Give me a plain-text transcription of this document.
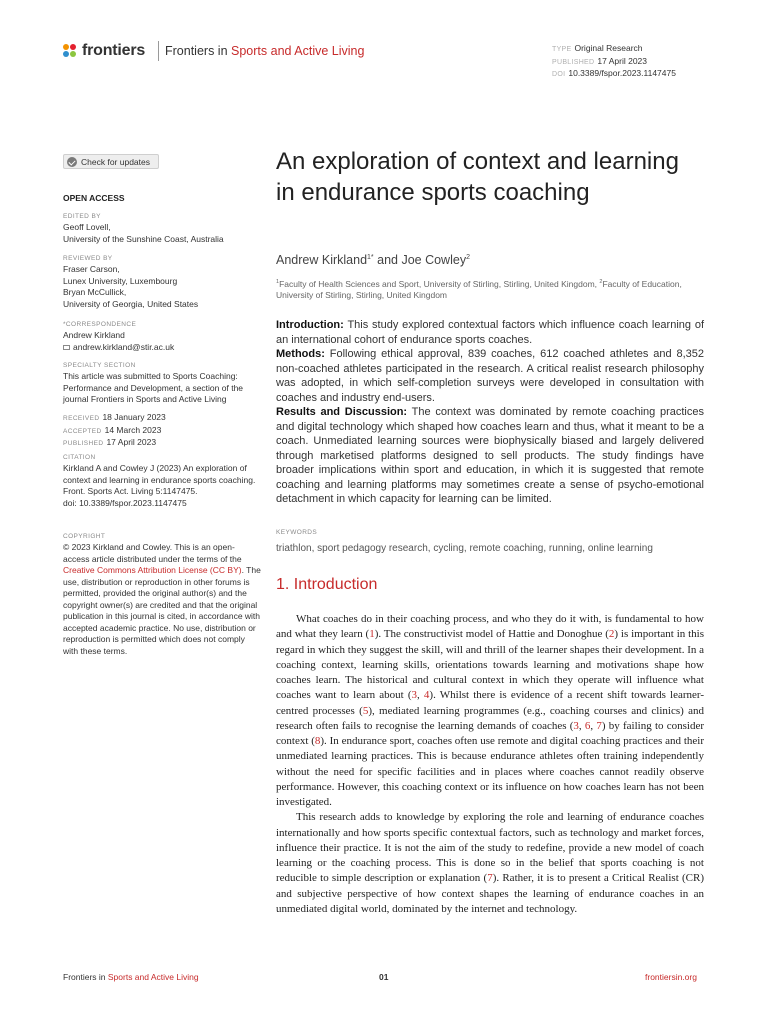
frontiers Frontiers in Sports and Active Living	TYPE Original Research
PUBLISHED 17 April 2023
DOI 10.3389/fspor.2023.1147475
Check for updates
OPEN ACCESS
EDITED BY
Geoff Lovell,
University of the Sunshine Coast, Australia
REVIEWED BY
Fraser Carson,
Lunex University, Luxembourg
Bryan McCullick,
University of Georgia, United States
*CORRESPONDENCE
Andrew Kirkland
andrew.kirkland@stir.ac.uk
SPECIALTY SECTION
This article was submitted to Sports Coaching: Performance and Development, a section of the journal Frontiers in Sports and Active Living
RECEIVED 18 January 2023
ACCEPTED 14 March 2023
PUBLISHED 17 April 2023
CITATION
Kirkland A and Cowley J (2023) An exploration of context and learning in endurance sports coaching.
Front. Sports Act. Living 5:1147475.
doi: 10.3389/fspor.2023.1147475
COPYRIGHT
© 2023 Kirkland and Cowley. This is an open-access article distributed under the terms of the Creative Commons Attribution License (CC BY). The use, distribution or reproduction in other forums is permitted, provided the original author(s) and the copyright owner(s) are credited and that the original publication in this journal is cited, in accordance with accepted academic practice. No use, distribution or reproduction is permitted which does not comply with these terms.
An exploration of context and learning in endurance sports coaching
Andrew Kirkland$^{1*}$ and Joe Cowley$^2$
$^1$Faculty of Health Sciences and Sport, University of Stirling, Stirling, United Kingdom, $^2$Faculty of Education, University of Stirling, Stirling, United Kingdom

Introduction: This study explored contextual factors which influence coach learning of an international cohort of endurance sports coaches.

Methods: Following ethical approval, 839 coaches, 612 coached athletes and 8,352 non-coached athletes participated in the research. A critical realist research philosophy was adopted, in which self-completion surveys were developed in consultation with coaches and industry end-users.

Results and Discussion: The context was dominated by remote coaching practices and digital technology which shaped how coaches learn and thus, what it meant to be a coach. Unmediated learning sources were biophysically biased and largely delivered through marketised platforms designed to sell products. The study findings have broader implications within sport and education, in which it is suggested that remote coaching and learning platforms may sometimes create a sense of psycho-emotional detachment in which capacity for learning can be limited.

KEYWORDS
triathlon, sport pedagogy research, cycling, remote coaching, running, online learning
1. Introduction

What coaches do in their coaching process, and who they do it with, is fundamental to how and what they learn (1). The constructivist model of Hattie and Donoghue (2) is important in this regard in which they suggest the skill, will and thrill of the learner shapes their development. In a coaching context, learning skills, orientations towards learning and motivations shape how coaches learn. The historical and cultural context in which they operate will influence what coaches want to learn about (3, 4). Whilst there is evidence of a recent shift towards learner-centred processes (5), mediated learning programmes (e.g., coaching courses and clinics) and research often fails to recognise the learning demands of coaches (3, 6, 7) by failing to consider context (8). In endurance sport, coaches often use remote and digital coaching practices and their unmediated learning practices. This is because endurance athletes often training independently without the need for specific facilities and in places where coaches cannot readily observe performance. However, this coaching context or its influence on how coaches learn has not been investigated.

This research adds to knowledge by exploring the role and learning of endurance coaches internationally and how sports specific contextual factors, such as technology and market forces, influence their practice. It is not the aim of the study to redefine, provide a new model of coach learning or the coaching process. This is done so in the belief that sports coaching is not reducible to simple description or explanation (7). Rather, it is to present a Critical Realist (CR) and subjective perspective of how context shapes the learning of endurance coaches in an unmediated digital world, dominated by the internet and technology.

Frontiers in Sports and Active Living	01	frontiersin.org
